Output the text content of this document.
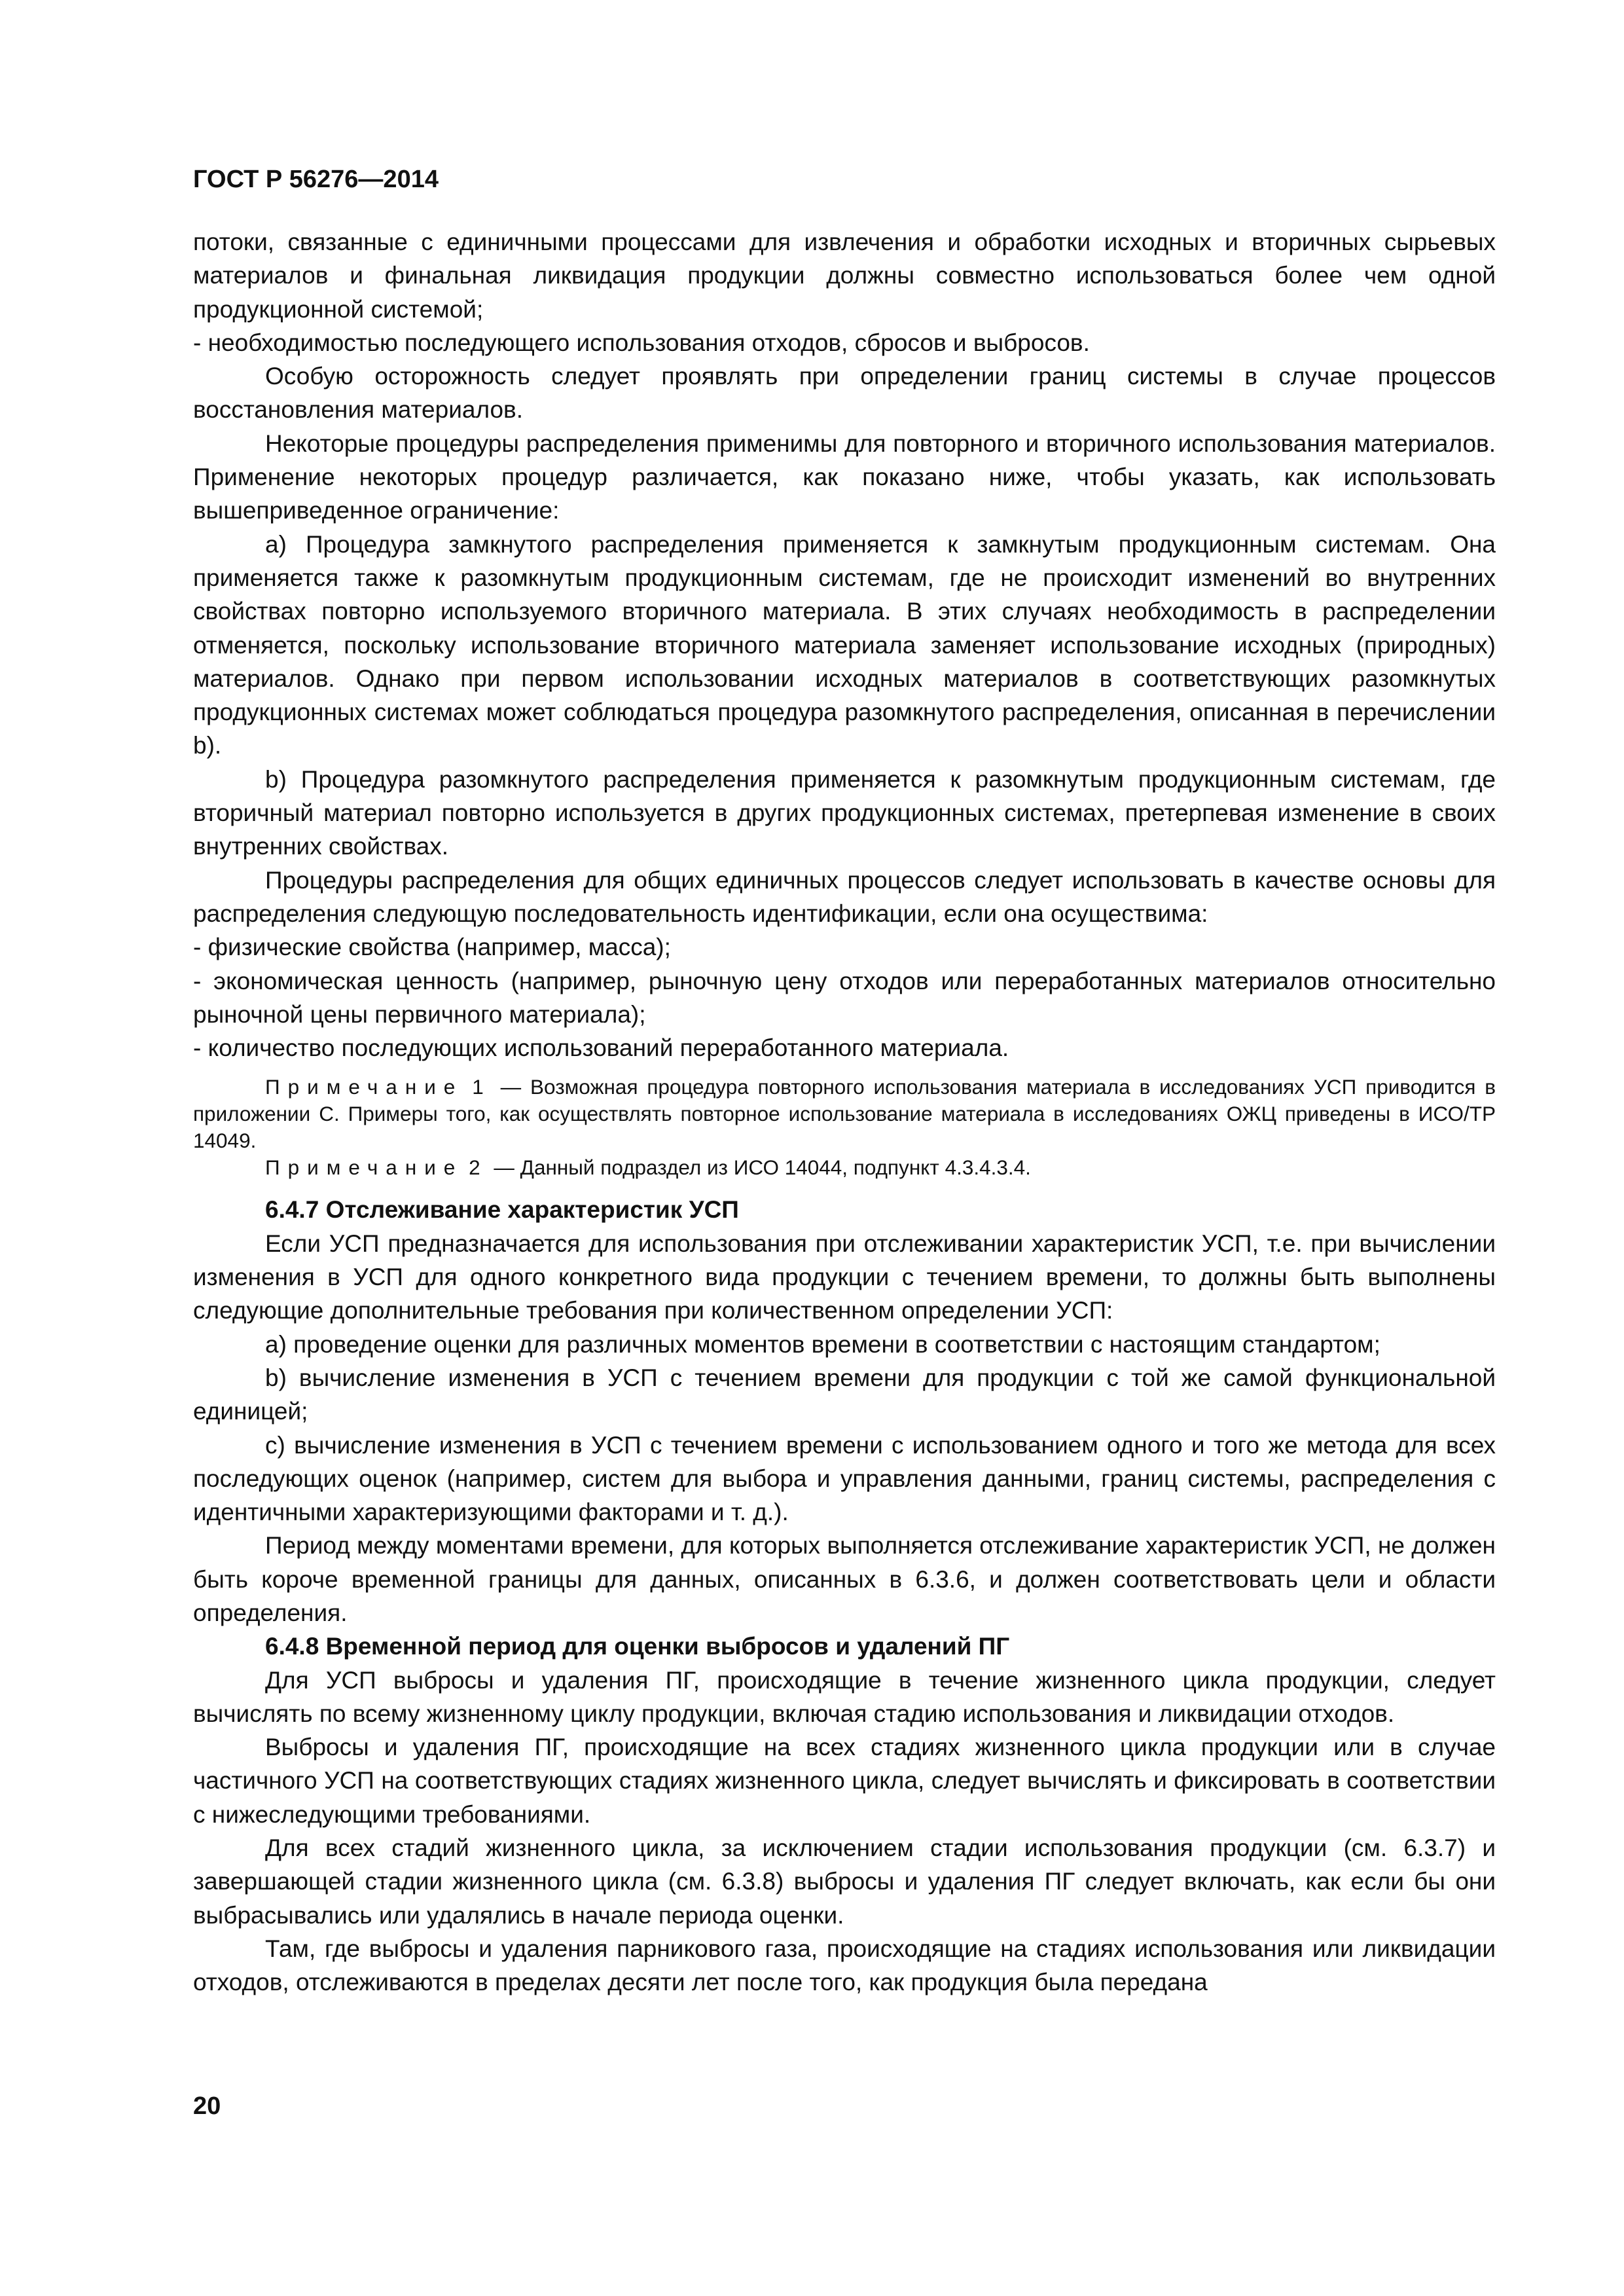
ГОСТ Р 56276—2014

потоки, связанные с единичными процессами для извлечения и обработки исходных и вторичных сырьевых материалов и финальная ликвидация продукции должны совместно использоваться более чем одной продукционной системой;

- необходимостью последующего использования отходов, сбросов и выбросов.

Особую осторожность следует проявлять при определении границ системы в случае процессов восстановления материалов.

Некоторые процедуры распределения применимы для повторного и вторичного использования материалов. Применение некоторых процедур различается, как показано ниже, чтобы указать, как использовать вышеприведенное ограничение:

a) Процедура замкнутого распределения применяется к замкнутым продукционным системам. Она применяется также к разомкнутым продукционным системам, где не происходит изменений во внутренних свойствах повторно используемого вторичного материала. В этих случаях необходимость в распределении отменяется, поскольку использование вторичного материала заменяет использование исходных (природных) материалов. Однако при первом использовании исходных материалов в соответствующих разомкнутых продукционных системах может соблюдаться процедура разомкнутого распределения, описанная в перечислении b).

b) Процедура разомкнутого распределения применяется к разомкнутым продукционным системам, где вторичный материал повторно используется в других продукционных системах, претерпевая изменение в своих внутренних свойствах.

Процедуры распределения для общих единичных процессов следует использовать в качестве основы для распределения следующую последовательность идентификации, если она осуществима:

- физические свойства (например, масса);

- экономическая ценность (например, рыночную цену отходов или переработанных материалов относительно рыночной цены первичного материала);

- количество последующих использований переработанного материала.

Примечание 1 — Возможная процедура повторного использования материала в исследованиях УСП приводится в приложении С. Примеры того, как осуществлять повторное использование материала в исследованиях ОЖЦ приведены в ИСО/ТР 14049.

Примечание 2 — Данный подраздел из ИСО 14044, подпункт 4.3.4.3.4.

6.4.7 Отслеживание характеристик УСП

Если УСП предназначается для использования при отслеживании характеристик УСП, т.е. при вычислении изменения в УСП для одного конкретного вида продукции с течением времени, то должны быть выполнены следующие дополнительные требования при количественном определении УСП:

a) проведение оценки для различных моментов времени в соответствии с настоящим стандартом;

b) вычисление изменения в УСП с течением времени для продукции с той же самой функциональной единицей;

c) вычисление изменения в УСП с течением времени с использованием одного и того же метода для всех последующих оценок (например, систем для выбора и управления данными, границ системы, распределения с идентичными характеризующими факторами и т. д.).

Период между моментами времени, для которых выполняется отслеживание характеристик УСП, не должен быть короче временной границы для данных, описанных в 6.3.6, и должен соответствовать цели и области определения.

6.4.8 Временной период для оценки выбросов и удалений ПГ

Для УСП выбросы и удаления ПГ, происходящие в течение жизненного цикла продукции, следует вычислять по всему жизненному циклу продукции, включая стадию использования и ликвидации отходов.

Выбросы и удаления ПГ, происходящие на всех стадиях жизненного цикла продукции или в случае частичного УСП на соответствующих стадиях жизненного цикла, следует вычислять и фиксировать в соответствии с нижеследующими требованиями.

Для всех стадий жизненного цикла, за исключением стадии использования продукции (см. 6.3.7) и завершающей стадии жизненного цикла (см. 6.3.8) выбросы и удаления ПГ следует включать, как если бы они выбрасывались или удалялись в начале периода оценки.

Там, где выбросы и удаления парникового газа, происходящие на стадиях использования или ликвидации отходов, отслеживаются в пределах десяти лет после того, как продукция была передана

20
